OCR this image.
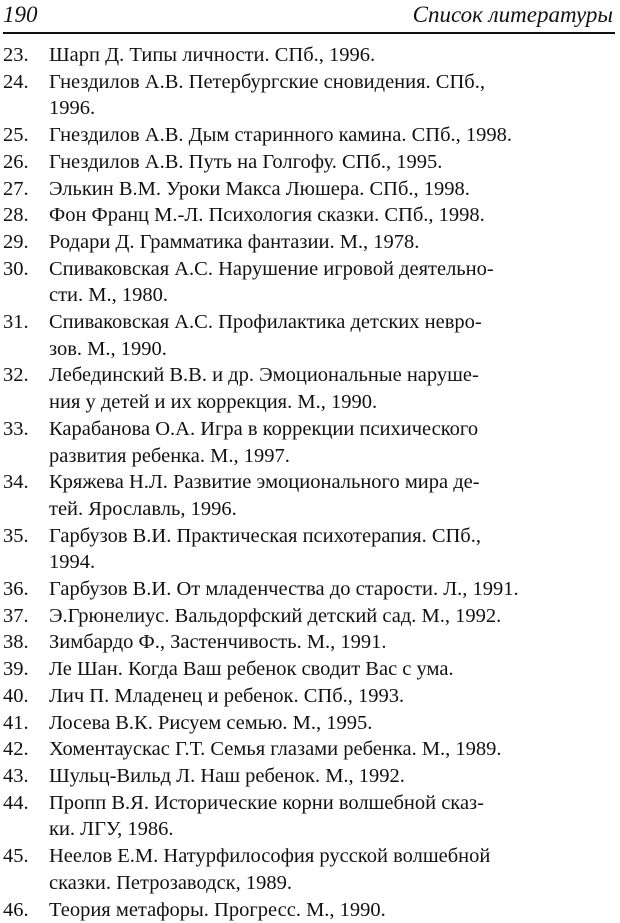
190	Список литературы
23. Шарп Д. Типы личности. СПб., 1996.
24. Гнездилов А.В. Петербургские сновидения. СПб.,
1996.
25. Гнездилов А.В. Дым старинного камина. СПб., 1998.
26. Гнездилов А.В. Путь на Голгофу. СПб., 1995.
27. Элькин В.М. Уроки Макса Люшера. СПб., 1998.
28. Фон Франц М.-Л. Психология сказки. СПб., 1998.
29. Родари Д. Грамматика фантазии. М., 1978.
30. Спиваковская А.С. Нарушение игровой деятельно-
сти. М., 1980.
31. Спиваковская А.С. Профилактика детских невро-
зов. М., 1990.
32. Лебединский В.В. и др. Эмоциональные наруше-
ния у детей и их коррекция. М., 1990.
33. Карабанова О.А. Игра в коррекции психического
развития ребенка. М., 1997.
34. Кряжева Н.Л. Развитие эмоционального мира де-
тей. Ярославль, 1996.
35. Гарбузов В.И. Практическая психотерапия. СПб.,
1994.
36. Гарбузов В.И. От младенчества до старости. Л., 1991.
37. Э.Грюнелиус. Вальдорфский детский сад. М., 1992.
38. Зимбардо Ф., Застенчивость. М., 1991.
39. Ле Шан. Когда Ваш ребенок сводит Вас с ума.
40. Лич П. Младенец и ребенок. СПб., 1993.
41. Лосева В.К. Рисуем семью. М., 1995.
42. Хоментаускас Г.Т. Семья глазами ребенка. М., 1989.
43. Шульц-Вильд Л. Наш ребенок. М., 1992.
44. Пропп В.Я. Исторические корни волшебной сказ-
ки. ЛГУ, 1986.
45. Неелов Е.М. Натурфилософия русской волшебной
сказки. Петрозаводск, 1989.
46. Теория метафоры. Прогресс. М., 1990.
